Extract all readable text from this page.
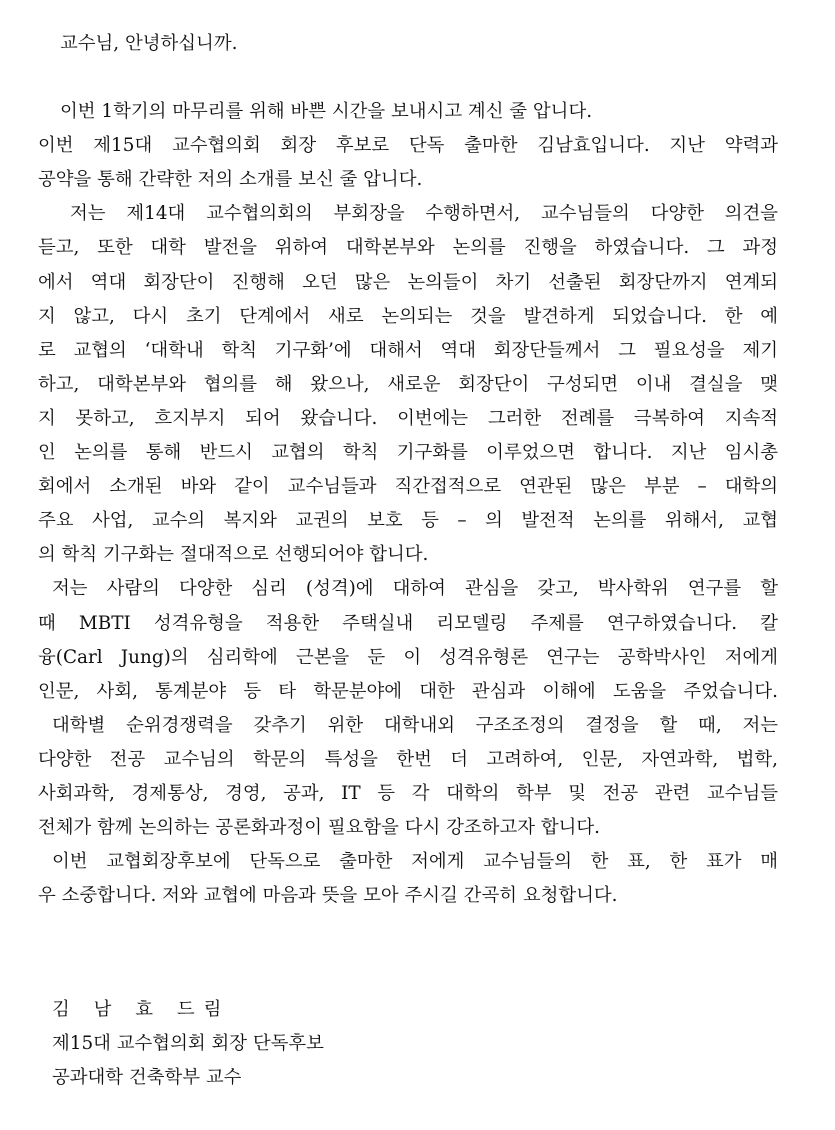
교수님, 안녕하십니까.
이번 1학기의 마무리를 위해 바쁜 시간을 보내시고 계신 줄 압니다.
이번 제15대 교수협의회 회장 후보로 단독 출마한 김남효입니다. 지난 약력과
공약을 통해 간략한 저의 소개를 보신 줄 압니다.
저는 제14대 교수협의회의 부회장을 수행하면서, 교수님들의 다양한 의견을
듣고, 또한 대학 발전을 위하여 대학본부와 논의를 진행을 하였습니다. 그 과정
에서 역대 회장단이 진행해 오던 많은 논의들이 차기 선출된 회장단까지 연계되
지 않고, 다시 초기 단계에서 새로 논의되는 것을 발견하게 되었습니다. 한 예
로 교협의 ‘대학내 학칙 기구화’에 대해서 역대 회장단들께서 그 필요성을 제기
하고, 대학본부와 협의를 해 왔으나, 새로운 회장단이 구성되면 이내 결실을 맺
지 못하고, 흐지부지 되어 왔습니다. 이번에는 그러한 전례를 극복하여 지속적
인 논의를 통해 반드시 교협의 학칙 기구화를 이루었으면 합니다. 지난 임시총
회에서 소개된 바와 같이 교수님들과 직간접적으로 연관된 많은 부분 – 대학의
주요 사업, 교수의 복지와 교권의 보호 등 – 의 발전적 논의를 위해서, 교협
의 학칙 기구화는 절대적으로 선행되어야 합니다.
저는 사람의 다양한 심리 (성격)에 대하여 관심을 갖고, 박사학위 연구를 할
때 MBTI 성격유형을 적용한 주택실내 리모델링 주제를 연구하였습니다. 칼
융(Carl Jung)의 심리학에 근본을 둔 이 성격유형론 연구는 공학박사인 저에게
인문, 사회, 통계분야 등 타 학문분야에 대한 관심과 이해에 도움을 주었습니다.
대학별 순위경쟁력을 갖추기 위한 대학내외 구조조정의 결정을 할 때, 저는
다양한 전공 교수님의 학문의 특성을 한번 더 고려하여, 인문, 자연과학, 법학,
사회과학, 경제통상, 경영, 공과, IT 등 각 대학의 학부 및 전공 관련 교수님들
전체가 함께 논의하는 공론화과정이 필요함을 다시 강조하고자 합니다.
이번 교협회장후보에 단독으로 출마한 저에게 교수님들의 한 표, 한 표가 매
우 소중합니다. 저와 교협에 마음과 뜻을 모아 주시길 간곡히 요청합니다.
김 남 효 드림
제15대 교수협의회 회장 단독후보
공과대학 건축학부 교수
